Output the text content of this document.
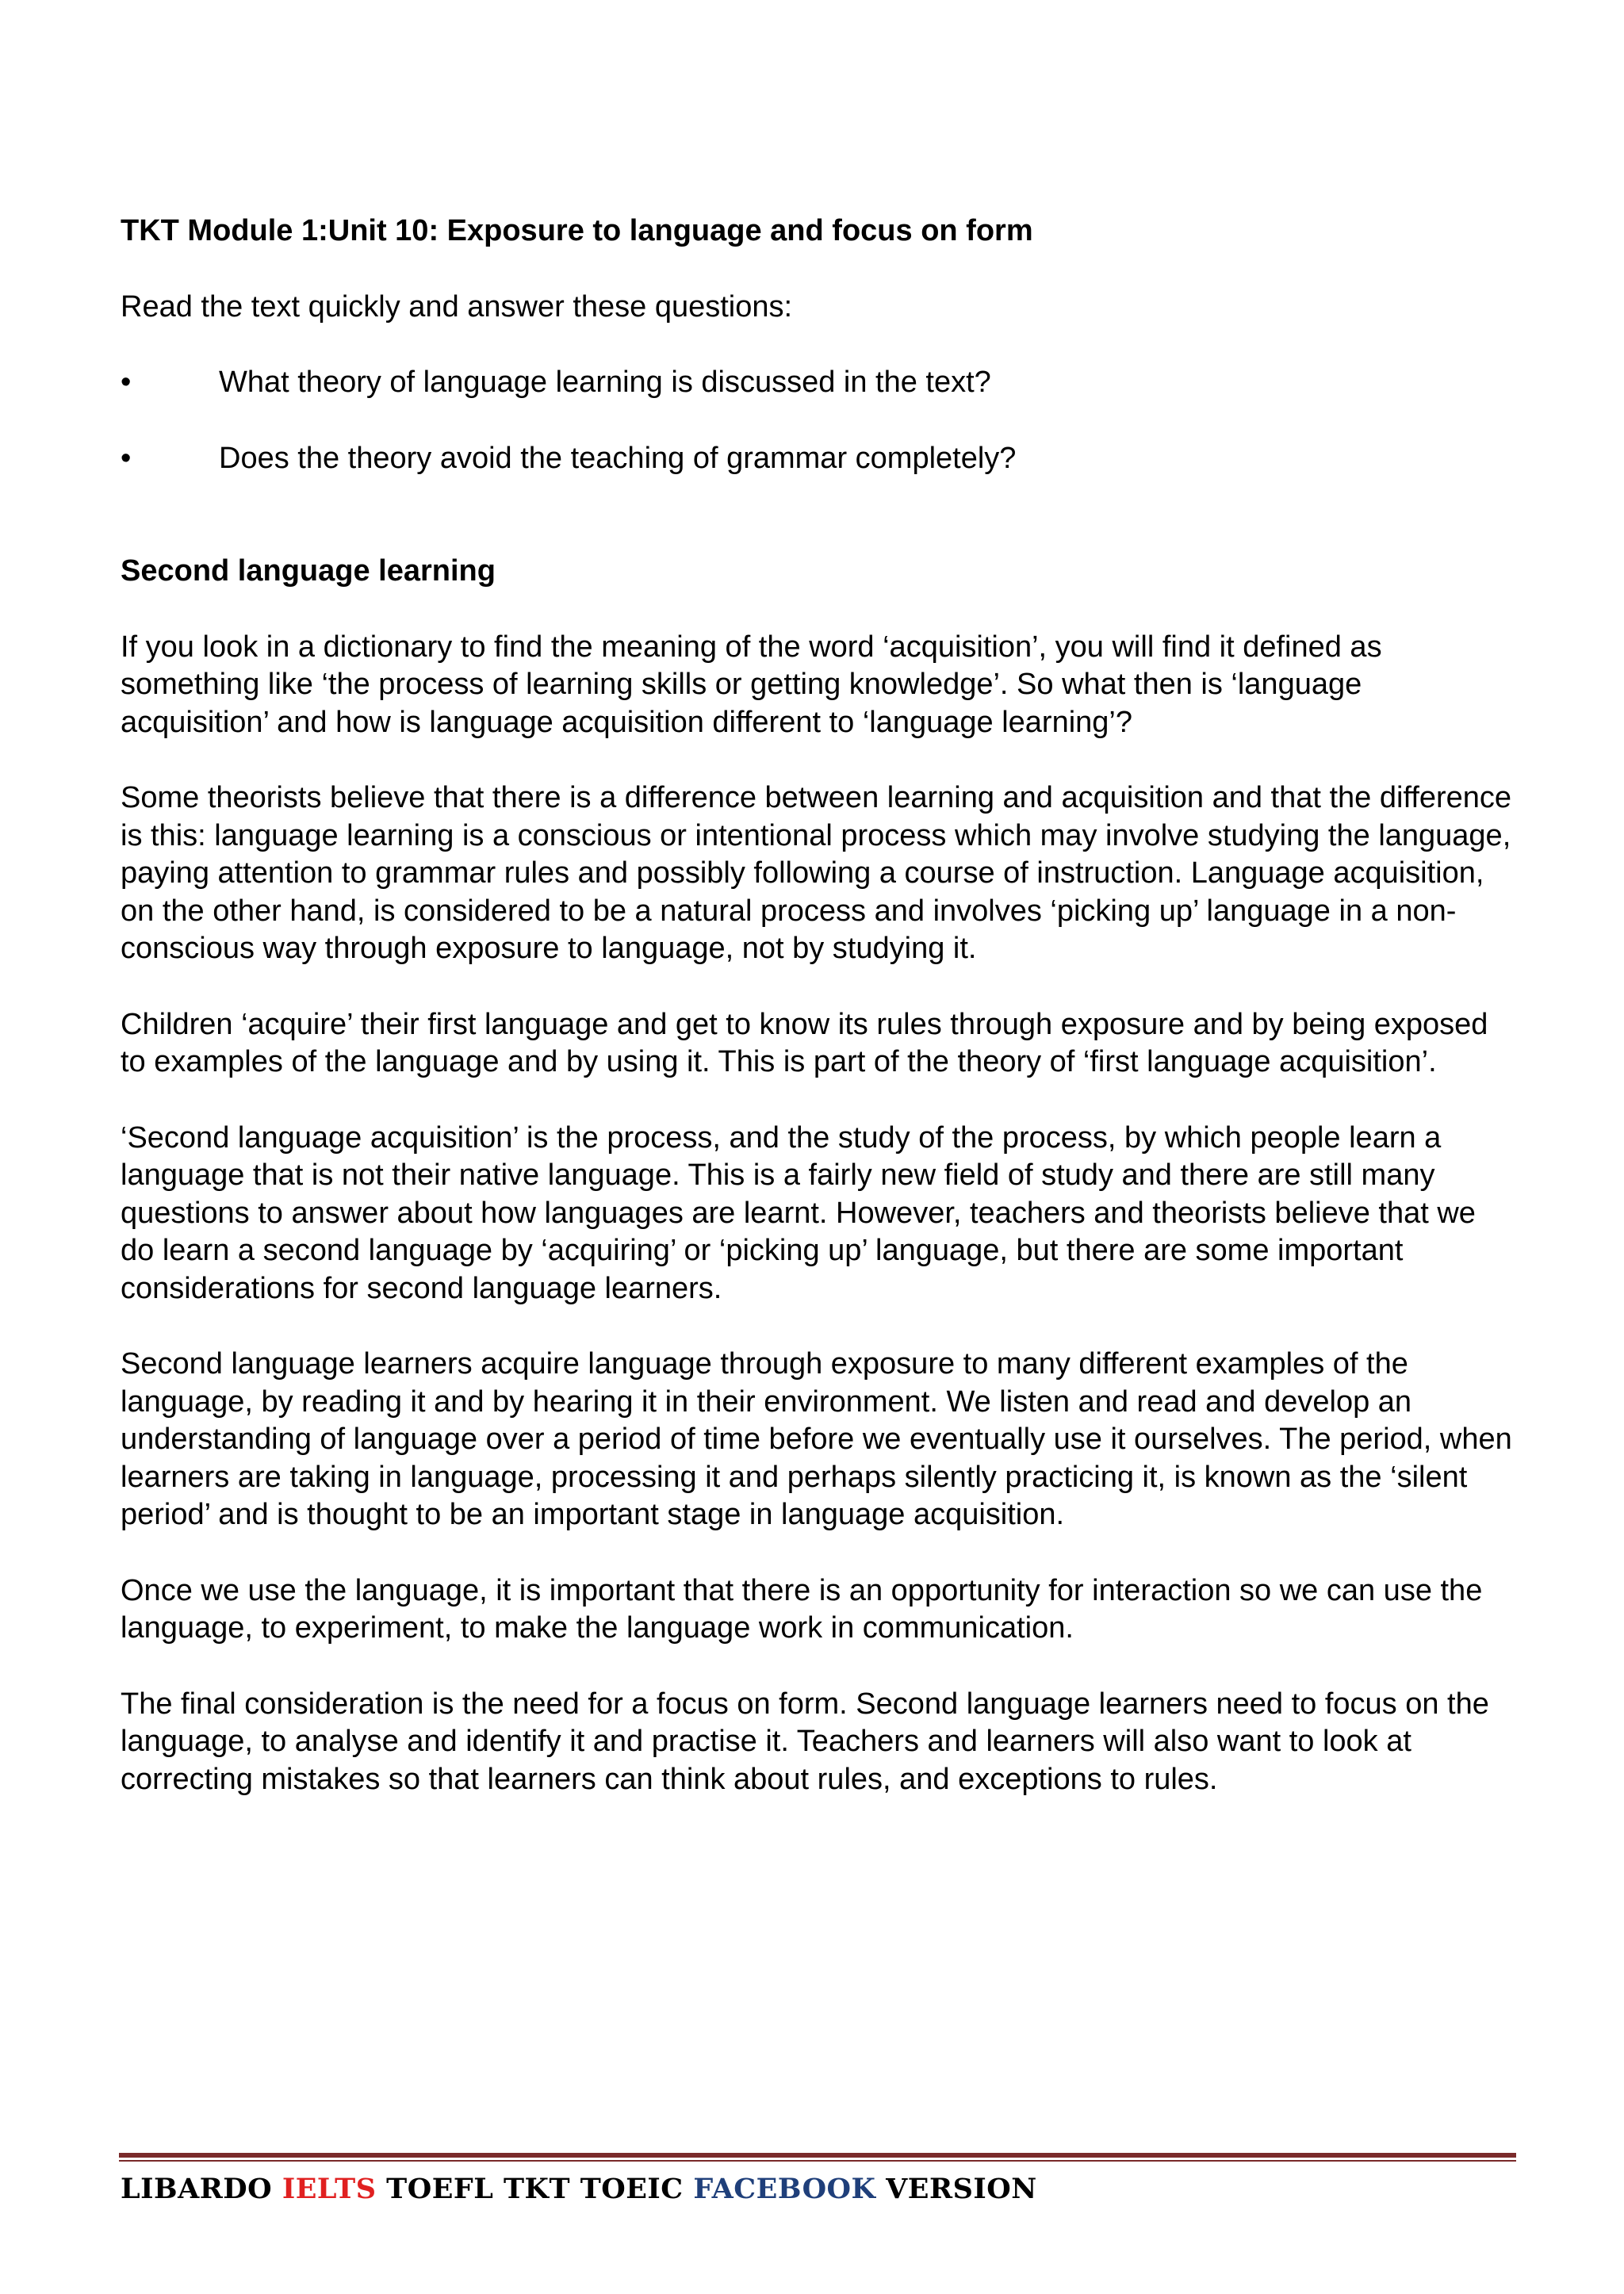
TKT Module 1:Unit 10: Exposure to language and focus on form
Read the text quickly and answer these questions:
•	What theory of language learning is discussed in the text?
•	Does the theory avoid the teaching of grammar completely?
Second language learning

If you look in a dictionary to find the meaning of the word ‘acquisition’, you will find it defined as something like ‘the process of learning skills or getting knowledge’. So what then is ‘language acquisition’ and how is language acquisition different to ‘language learning’?

Some theorists believe that there is a difference between learning and acquisition and that the difference is this: language learning is a conscious or intentional process which may involve studying the language, paying attention to grammar rules and possibly following a course of instruction. Language acquisition, on the other hand, is considered to be a natural process and involves ‘picking up’ language in a non-conscious way through exposure to language, not by studying it.

Children ‘acquire’ their first language and get to know its rules through exposure and by being exposed to examples of the language and by using it. This is part of the theory of ‘first language acquisition’.

‘Second language acquisition’ is the process, and the study of the process, by which people learn a language that is not their native language. This is a fairly new field of study and there are still many questions to answer about how languages are learnt. However, teachers and theorists believe that we do learn a second language by ‘acquiring’ or ‘picking up’ language, but there are some important considerations for second language learners.

Second language learners acquire language through exposure to many different examples of the language, by reading it and by hearing it in their environment. We listen and read and develop an understanding of language over a period of time before we eventually use it ourselves. The period, when learners are taking in language, processing it and perhaps silently practicing it, is known as the ‘silent period’ and is thought to be an important stage in language acquisition.

Once we use the language, it is important that there is an opportunity for interaction so we can use the language, to experiment, to make the language work in communication.

The final consideration is the need for a focus on form. Second language learners need to focus on the language, to analyse and identify it and practise it. Teachers and learners will also want to look at correcting mistakes so that learners can think about rules, and exceptions to rules.

LIBARDO IELTS TOEFL TKT TOEIC FACEBOOK VERSION
